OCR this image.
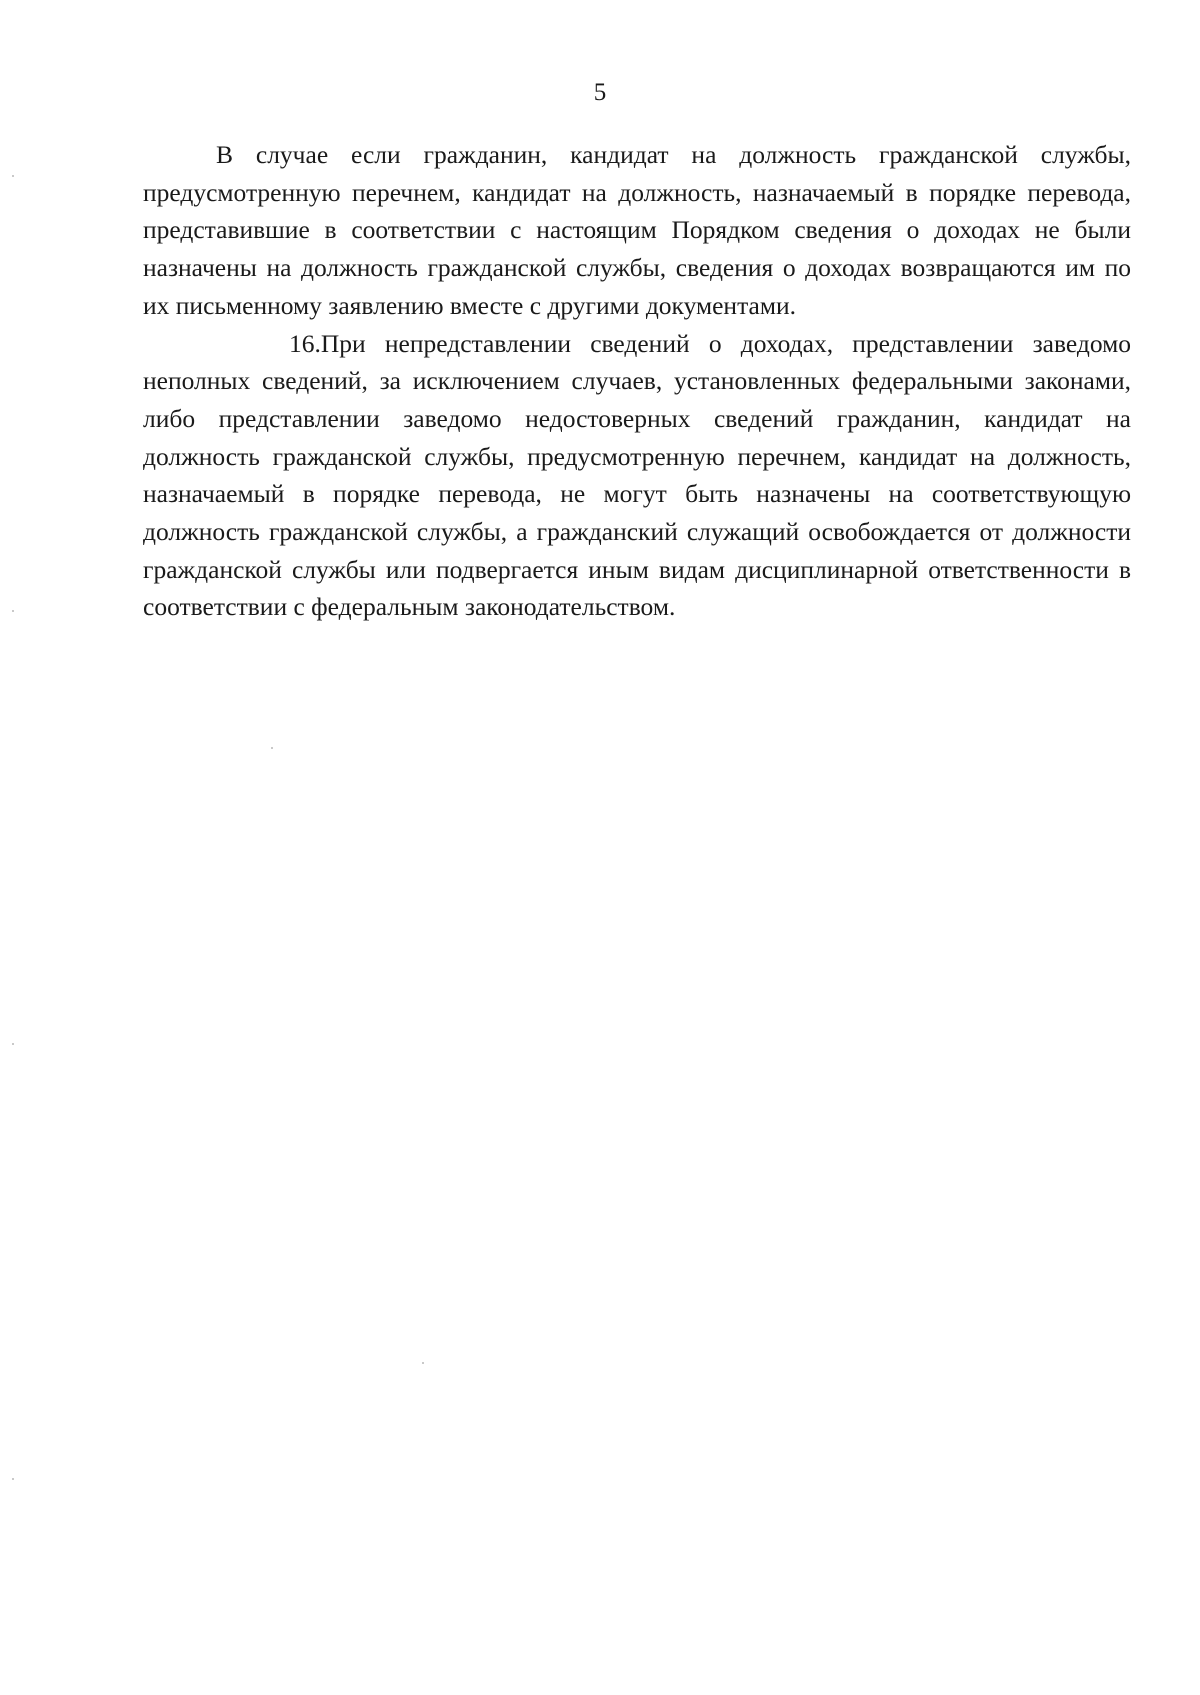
5

В случае если гражданин, кандидат на должность гражданской службы, предусмотренную перечнем, кандидат на должность, назначаемый в порядке перевода, представившие в соответствии с настоящим Порядком сведения о доходах не были назначены на должность гражданской службы, сведения о доходах возвращаются им по их письменному заявлению вместе с другими документами.

16.При непредставлении сведений о доходах, представлении заведомо неполных сведений, за исключением случаев, установленных федеральными законами, либо представлении заведомо недостоверных сведений гражданин, кандидат на должность гражданской службы, предусмотренную перечнем, кандидат на должность, назначаемый в порядке перевода, не могут быть назначены на соответствующую должность гражданской службы, а гражданский служащий освобождается от должности гражданской службы или подвергается иным видам дисциплинарной ответственности в соответствии с федеральным законодательством.
